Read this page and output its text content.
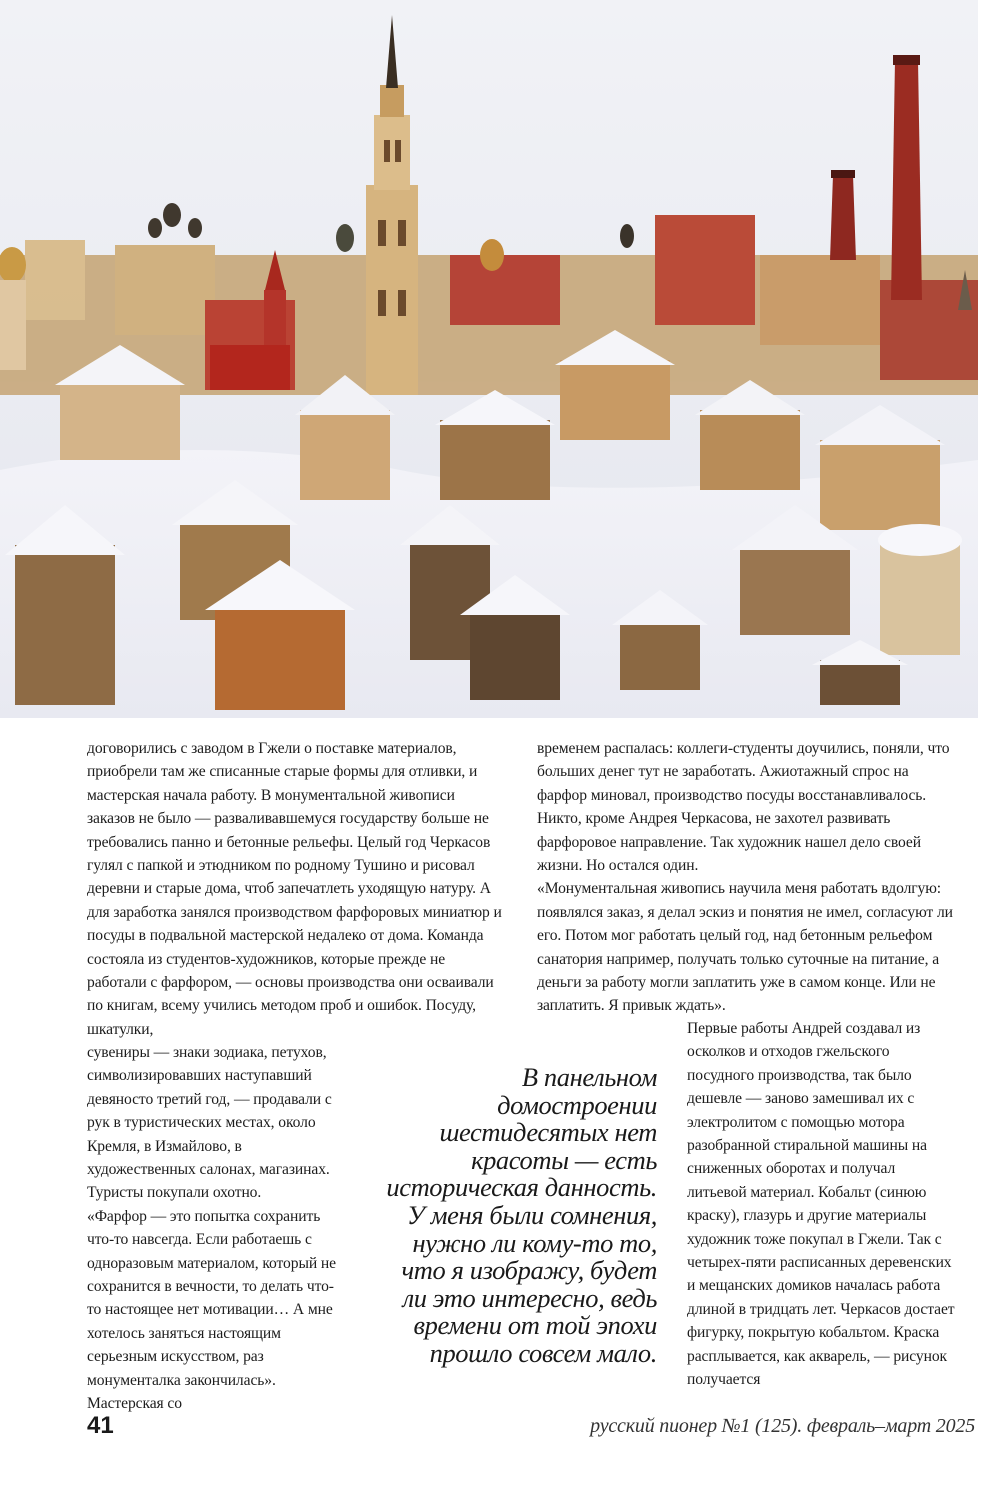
договорились с заводом в Гжели о поставке материалов, приобрели там же списанные старые формы для отливки, и мастерская начала работу. В монументальной живописи заказов не было — разваливавшемуся государству больше не требовались панно и бетонные рельефы. Целый год Черкасов гулял с папкой и этюдником по родному Тушино и рисовал деревни и старые дома, чтоб запечатлеть уходящую натуру. А для заработка занялся производством фарфоровых миниатюр и посуды в подвальной мастерской недалеко от дома. Команда состояла из студентов-художников, которые прежде не работали с фарфором, — основы производства они осваивали по книгам, всему учились методом проб и ошибок. Посуду, шкатулки,

сувениры — знаки зодиака, петухов, символизировавших наступавший девяносто третий год, — продавали с рук в туристических местах, около Кремля, в Измайлово, в художественных салонах, магазинах. Туристы покупали охотно.

«Фарфор — это попытка сохранить что-то навсегда. Если работаешь с одноразовым материалом, который не сохранится в вечности, то делать что-то настоящее нет мотивации… А мне хотелось заняться настоящим серьезным искусством, раз монументалка закончилась». Мастерская со

временем распалась: коллеги-студенты доучились, поняли, что больших денег тут не заработать. Ажиотажный спрос на фарфор миновал, производство посуды восстанавливалось. Никто, кроме Андрея Черкасова, не захотел развивать фарфоровое направление. Так художник нашел дело своей жизни. Но остался один.

«Монументальная живопись научила меня работать вдолгую: появлялся заказ, я делал эскиз и понятия не имел, согласуют ли его. Потом мог работать целый год, над бетонным рельефом санатория например, получать только суточные на питание, а деньги за работу могли заплатить уже в самом конце. Или не заплатить. Я привык ждать».

Первые работы Андрей создавал из осколков и отходов гжельского посудного производства, так было дешевле — заново замешивал их с электролитом с помощью мотора разобранной стиральной машины на сниженных оборотах и получал литьевой материал. Кобальт (синюю краску), глазурь и другие материалы художник тоже покупал в Гжели. Так с четырех-пяти расписанных деревенских и мещанских домиков началась работа длиной в тридцать лет. Черкасов достает фигурку, покрытую кобальтом. Краска расплывается, как акварель, — рисунок получается

В панельном домостроении шестидесятых нет красоты — есть историческая данность. У меня были сомнения, нужно ли кому-то то, что я изображу, будет ли это интересно, ведь времени от той эпохи прошло совсем мало.

41	русский пионер №1 (125). февраль–март 2025
